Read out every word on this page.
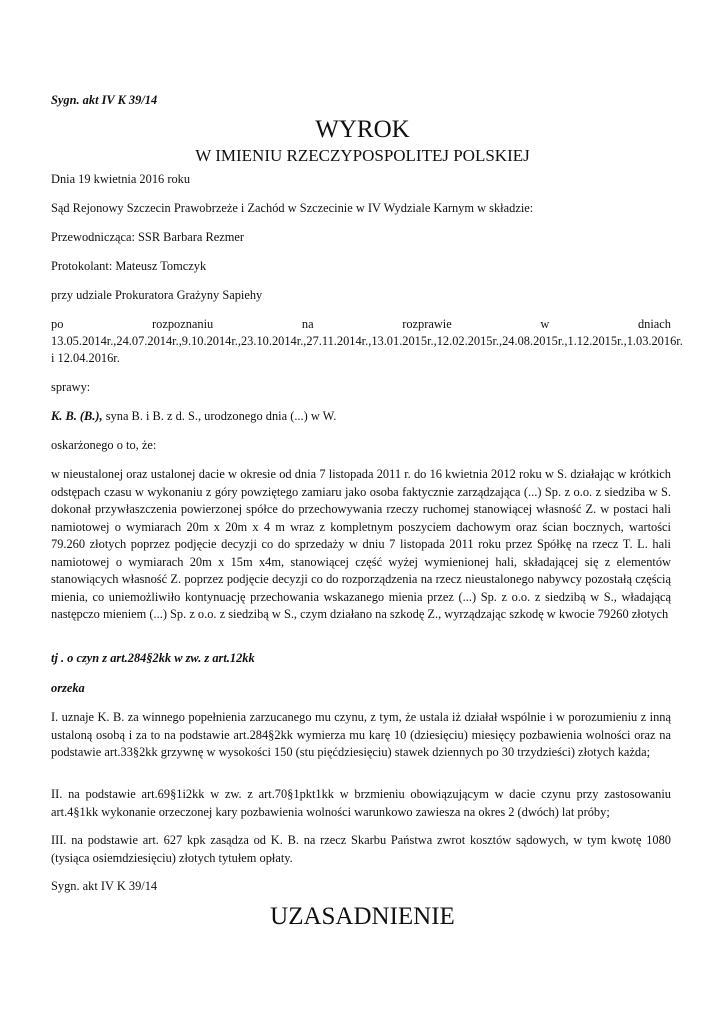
Sygn. akt IV K 39/14

WYROK

W IMIENIU RZECZYPOSPOLITEJ POLSKIEJ

Dnia 19 kwietnia 2016 roku

Sąd Rejonowy Szczecin Prawobrzeże i Zachód w Szczecinie w IV Wydziale Karnym w składzie:

Przewodnicząca: SSR Barbara Rezmer

Protokolant: Mateusz Tomczyk

przy udziale Prokuratora Grażyny Sapiehy

po	rozpoznaniu	na	rozprawie	w	dniach
13.05.2014r.,24.07.2014r.,9.10.2014r.,23.10.2014r.,27.11.2014r.,13.01.2015r.,12.02.2015r.,24.08.2015r.,1.12.2015r.,1.03.2016r.
i 12.04.2016r.

sprawy:

K. B. (B.), syna B. i B. z d. S., urodzonego dnia (...) w W.

oskarżonego o to, że:

w nieustalonej oraz ustalonej dacie w okresie od dnia 7 listopada 2011 r. do 16 kwietnia 2012 roku w S. działając w krótkich odstępach czasu w wykonaniu z góry powziętego zamiaru jako osoba faktycznie zarządzająca (...) Sp. z o.o. z siedziba w S. dokonał przywłaszczenia powierzonej spółce do przechowywania rzeczy ruchomej stanowiącej własność Z. w postaci hali namiotowej o wymiarach 20m x 20m x 4 m wraz z kompletnym poszyciem dachowym oraz ścian bocznych, wartości 79.260 złotych poprzez podjęcie decyzji co do sprzedaży w dniu 7 listopada 2011 roku przez Spółkę na rzecz T. L. hali namiotowej o wymiarach 20m x 15m x4m, stanowiącej część wyżej wymienionej hali, składającej się z elementów stanowiących własność Z. poprzez podjęcie decyzji co do rozporządzenia na rzecz nieustalonego nabywcy pozostałą częścią mienia, co uniemożliwiło kontynuację przechowania wskazanego mienia przez (...) Sp. z o.o. z siedzibą w S., władającą następczo mieniem (...) Sp. z o.o. z siedzibą w S., czym działano na szkodę Z., wyrządzając szkodę w kwocie 79260 złotych

tj . o czyn z art.284§2kk w zw. z art.12kk

orzeka

I. uznaje K. B. za winnego popełnienia zarzucanego mu czynu, z tym, że ustala iż działał wspólnie i w porozumieniu z inną ustaloną osobą i za to na podstawie art.284§2kk wymierza mu karę 10 (dziesięciu) miesięcy pozbawienia wolności oraz na podstawie art.33§2kk grzywnę w wysokości 150 (stu pięćdziesięciu) stawek dziennych po 30 trzydzieści) złotych każda;

II. na podstawie art.69§1i2kk w zw. z art.70§1pkt1kk w brzmieniu obowiązującym w dacie czynu przy zastosowaniu art.4§1kk wykonanie orzeczonej kary pozbawienia wolności warunkowo zawiesza na okres 2 (dwóch) lat próby;

III. na podstawie art. 627 kpk zasądza od K. B. na rzecz Skarbu Państwa zwrot kosztów sądowych, w tym kwotę 1080 (tysiąca osiemdziesięciu) złotych tytułem opłaty.

Sygn. akt IV K 39/14

UZASADNIENIE
